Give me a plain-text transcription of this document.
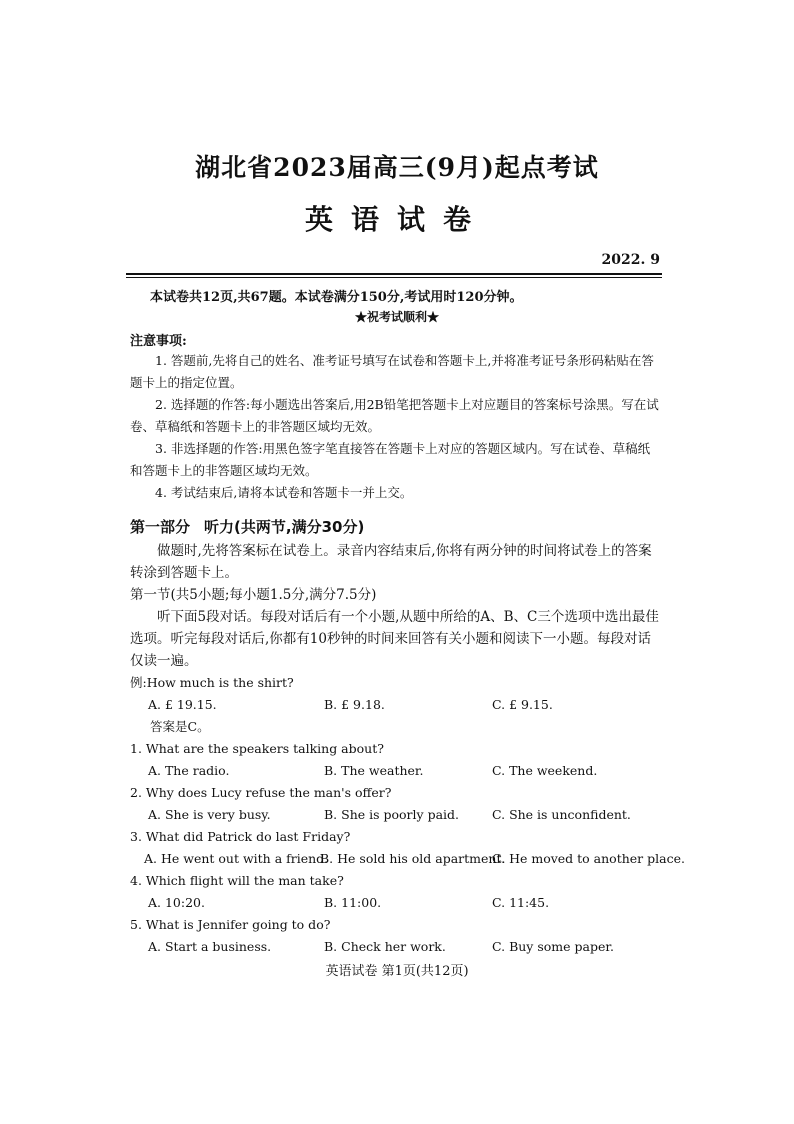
湖北省2023届高三(9月)起点考试
英语试卷
2022. 9
本试卷共12页,共67题。本试卷满分150分,考试用时120分钟。
★祝考试顺利★
注意事项:

1. 答题前,先将自己的姓名、准考证号填写在试卷和答题卡上,并将准考证号条形码粘贴在答题卡上的指定位置。

2. 选择题的作答:每小题选出答案后,用2B铅笔把答题卡上对应题目的答案标号涂黑。写在试卷、草稿纸和答题卡上的非答题区域均无效。

3. 非选择题的作答:用黑色签字笔直接答在答题卡上对应的答题区域内。写在试卷、草稿纸和答题卡上的非答题区域均无效。

4. 考试结束后,请将本试卷和答题卡一并上交。

第一部分 听力(共两节,满分30分)

做题时,先将答案标在试卷上。录音内容结束后,你将有两分钟的时间将试卷上的答案转涂到答题卡上。

第一节(共5小题;每小题1.5分,满分7.5分)

听下面5段对话。每段对话后有一个小题,从题中所给的A、B、C三个选项中选出最佳选项。听完每段对话后,你都有10秒钟的时间来回答有关小题和阅读下一小题。每段对话仅读一遍。

例:How much is the shirt?
A. £ 19.15.	B. £ 9.18.	C. £ 9.15.
答案是C。
1. What are the speakers talking about?
A. The radio.	B. The weather.	C. The weekend.
2. Why does Lucy refuse the man's offer?
A. She is very busy.	B. She is poorly paid.	C. She is unconfident.
3. What did Patrick do last Friday?
A. He went out with a friend.
B. He sold his old apartment.
C. He moved to another place.
4. Which flight will the man take?
A. 10:20.	B. 11:00.	C. 11:45.
5. What is Jennifer going to do?
A. Start a business.	B. Check her work.	C. Buy some paper.
英语试卷 第1页(共12页)
